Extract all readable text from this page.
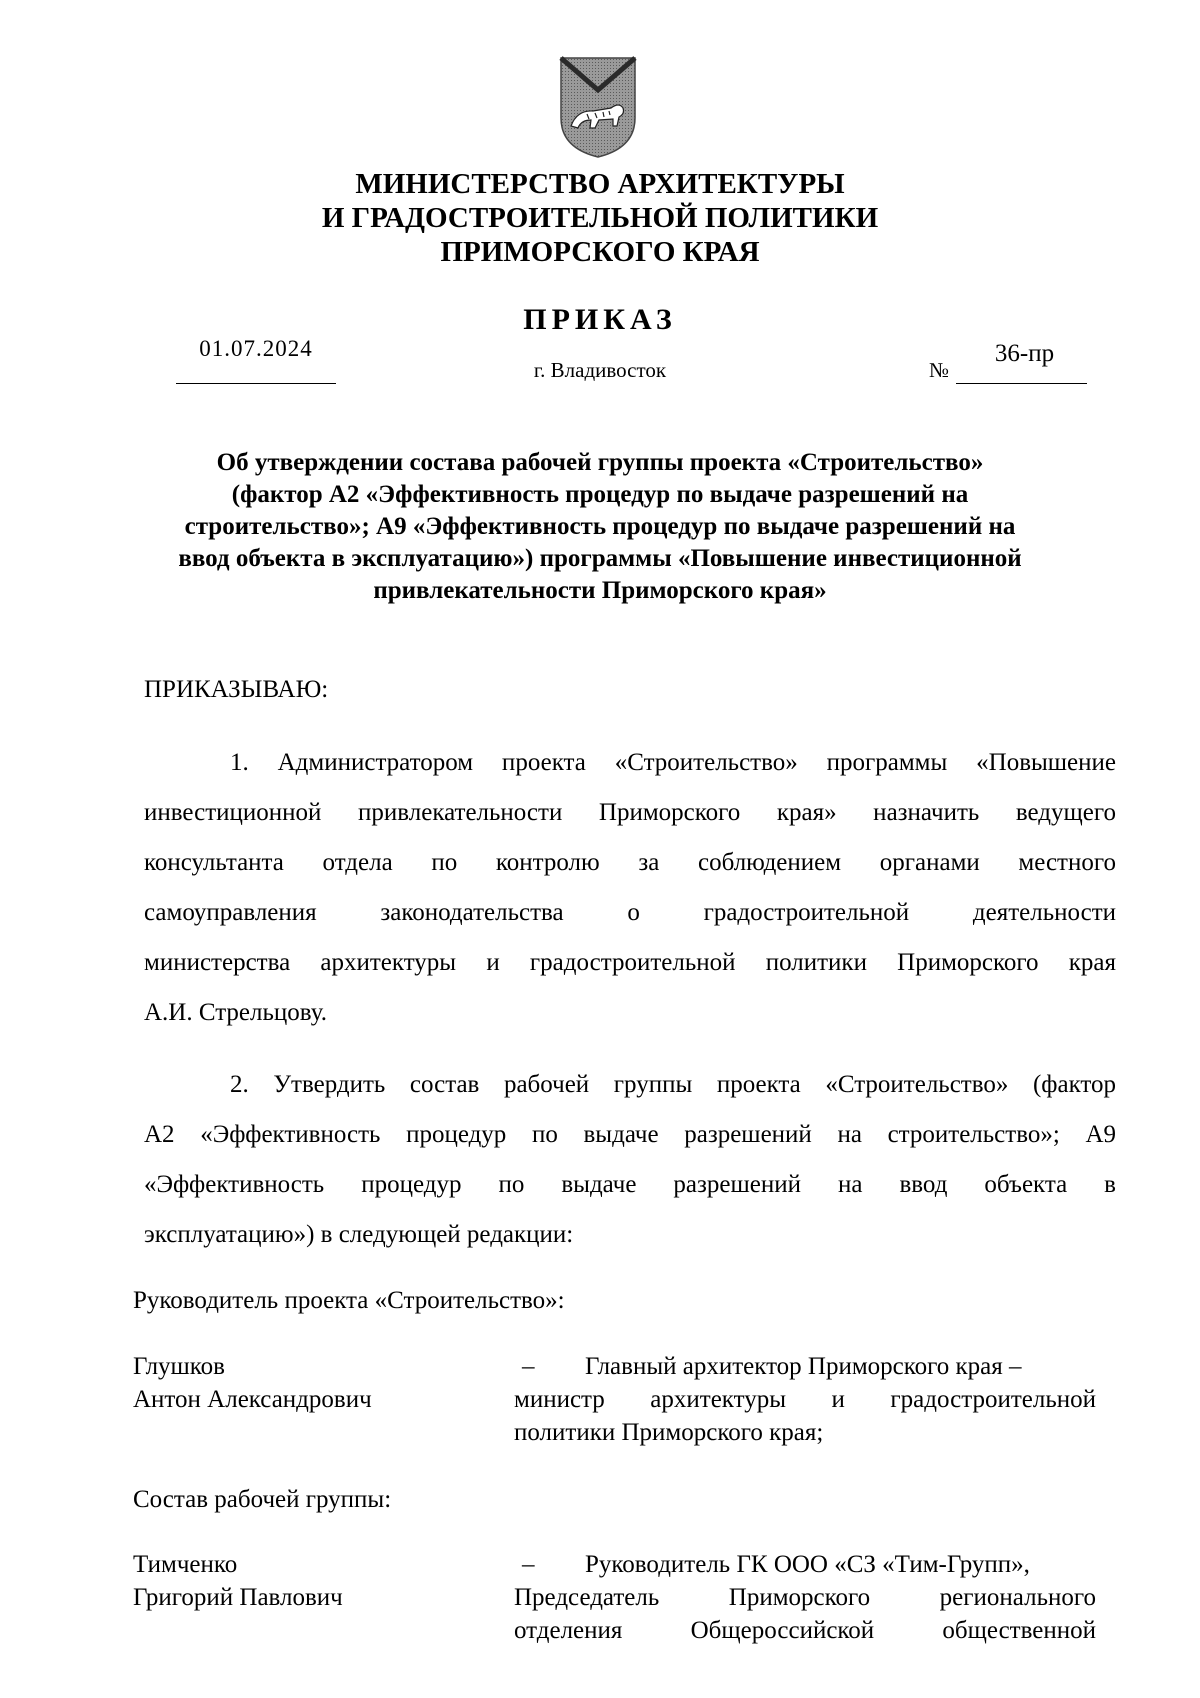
МИНИСТЕРСТВО АРХИТЕКТУРЫ
И ГРАДОСТРОИТЕЛЬНОЙ ПОЛИТИКИ
ПРИМОРСКОГО КРАЯ
ПРИКАЗ
01.07.2024
г. Владивосток	№
36-пр
Об утверждении состава рабочей группы проекта «Строительство»
(фактор А2 «Эффективность процедур по выдаче разрешений на
строительство»; А9 «Эффективность процедур по выдаче разрешений на
ввод объекта в эксплуатацию») программы «Повышение инвестиционной
привлекательности Приморского края»
ПРИКАЗЫВАЮ:
1. Администратором проекта «Строительство» программы «Повышение
инвестиционной привлекательности Приморского края» назначить ведущего
консультанта отдела по контролю за соблюдением органами местного
самоуправления законодательства о градостроительной деятельности
министерства архитектуры и градостроительной политики Приморского края
А.И. Стрельцову.
2. Утвердить состав рабочей группы проекта «Строительство» (фактор
А2 «Эффективность процедур по выдаче разрешений на строительство»; А9
«Эффективность процедур по выдаче разрешений на ввод объекта в
эксплуатацию») в следующей редакции:
Руководитель проекта «Строительство»:
Глушков
Антон Александрович
– Главный архитектор Приморского края –
министр архитектуры и градостроительной
политики Приморского края;
Состав рабочей группы:
Тимченко
Григорий Павлович
– Руководитель ГК ООО «СЗ «Тим-Групп»,
Председатель Приморского регионального
отделения Общероссийской общественной
